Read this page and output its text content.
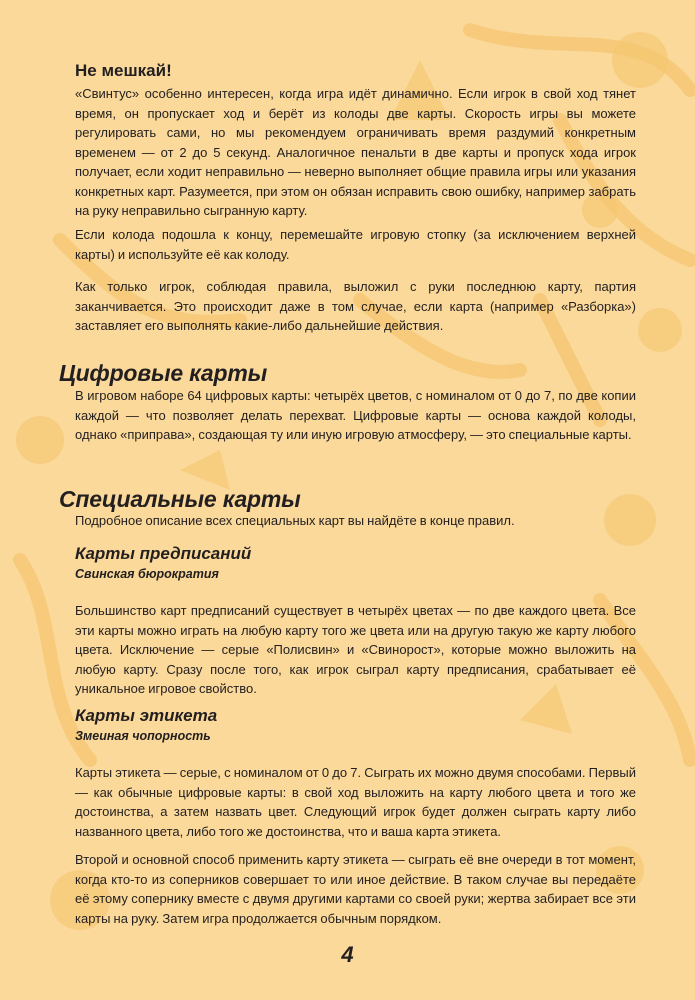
Не мешкай!

«Свинтус» особенно интересен, когда игра идёт динамично. Если игрок в свой ход тянет время, он пропускает ход и берёт из колоды две карты. Скорость игры вы можете регулировать сами, но мы рекомендуем ограничивать время раздумий конкретным временем — от 2 до 5 секунд. Аналогичное пенальти в две карты и пропуск хода игрок получает, если ходит неправильно — неверно выполняет общие правила игры или указания конкретных карт. Разумеется, при этом он обязан исправить свою ошибку, например забрать на руку неправильно сыгранную карту.

Если колода подошла к концу, перемешайте игровую стопку (за исключением верхней карты) и используйте её как колоду.

Как только игрок, соблюдая правила, выложил с руки последнюю карту, партия заканчивается. Это происходит даже в том случае, если карта (например «Разборка») заставляет его выполнять какие-либо дальнейшие действия.

Цифровые карты

В игровом наборе 64 цифровых карты: четырёх цветов, с номиналом от 0 до 7, по две копии каждой — что позволяет делать перехват. Цифровые карты — основа каждой колоды, однако «приправа», создающая ту или иную игровую атмосферу, — это специальные карты.

Специальные карты

Подробное описание всех специальных карт вы найдёте в конце правил.

Карты предписаний
Свинская бюрократия

Большинство карт предписаний существует в четырёх цветах — по две каждого цвета. Все эти карты можно играть на любую карту того же цвета или на другую такую же карту любого цвета. Исключение — серые «Полисвин» и «Свинорост», которые можно выложить на любую карту. Сразу после того, как игрок сыграл карту предписания, срабатывает её уникальное игровое свойство.

Карты этикета
Змеиная чопорность

Карты этикета — серые, с номиналом от 0 до 7. Сыграть их можно двумя способами. Первый — как обычные цифровые карты: в свой ход выложить на карту любого цвета и того же достоинства, а затем назвать цвет. Следующий игрок будет должен сыграть карту либо названного цвета, либо того же достоинства, что и ваша карта этикета.

Второй и основной способ применить карту этикета — сыграть её вне очереди в тот момент, когда кто-то из соперников совершает то или иное действие. В таком случае вы передаёте её этому сопернику вместе с двумя другими картами со своей руки; жертва забирает все эти карты на руку. Затем игра продолжается обычным порядком.

4
